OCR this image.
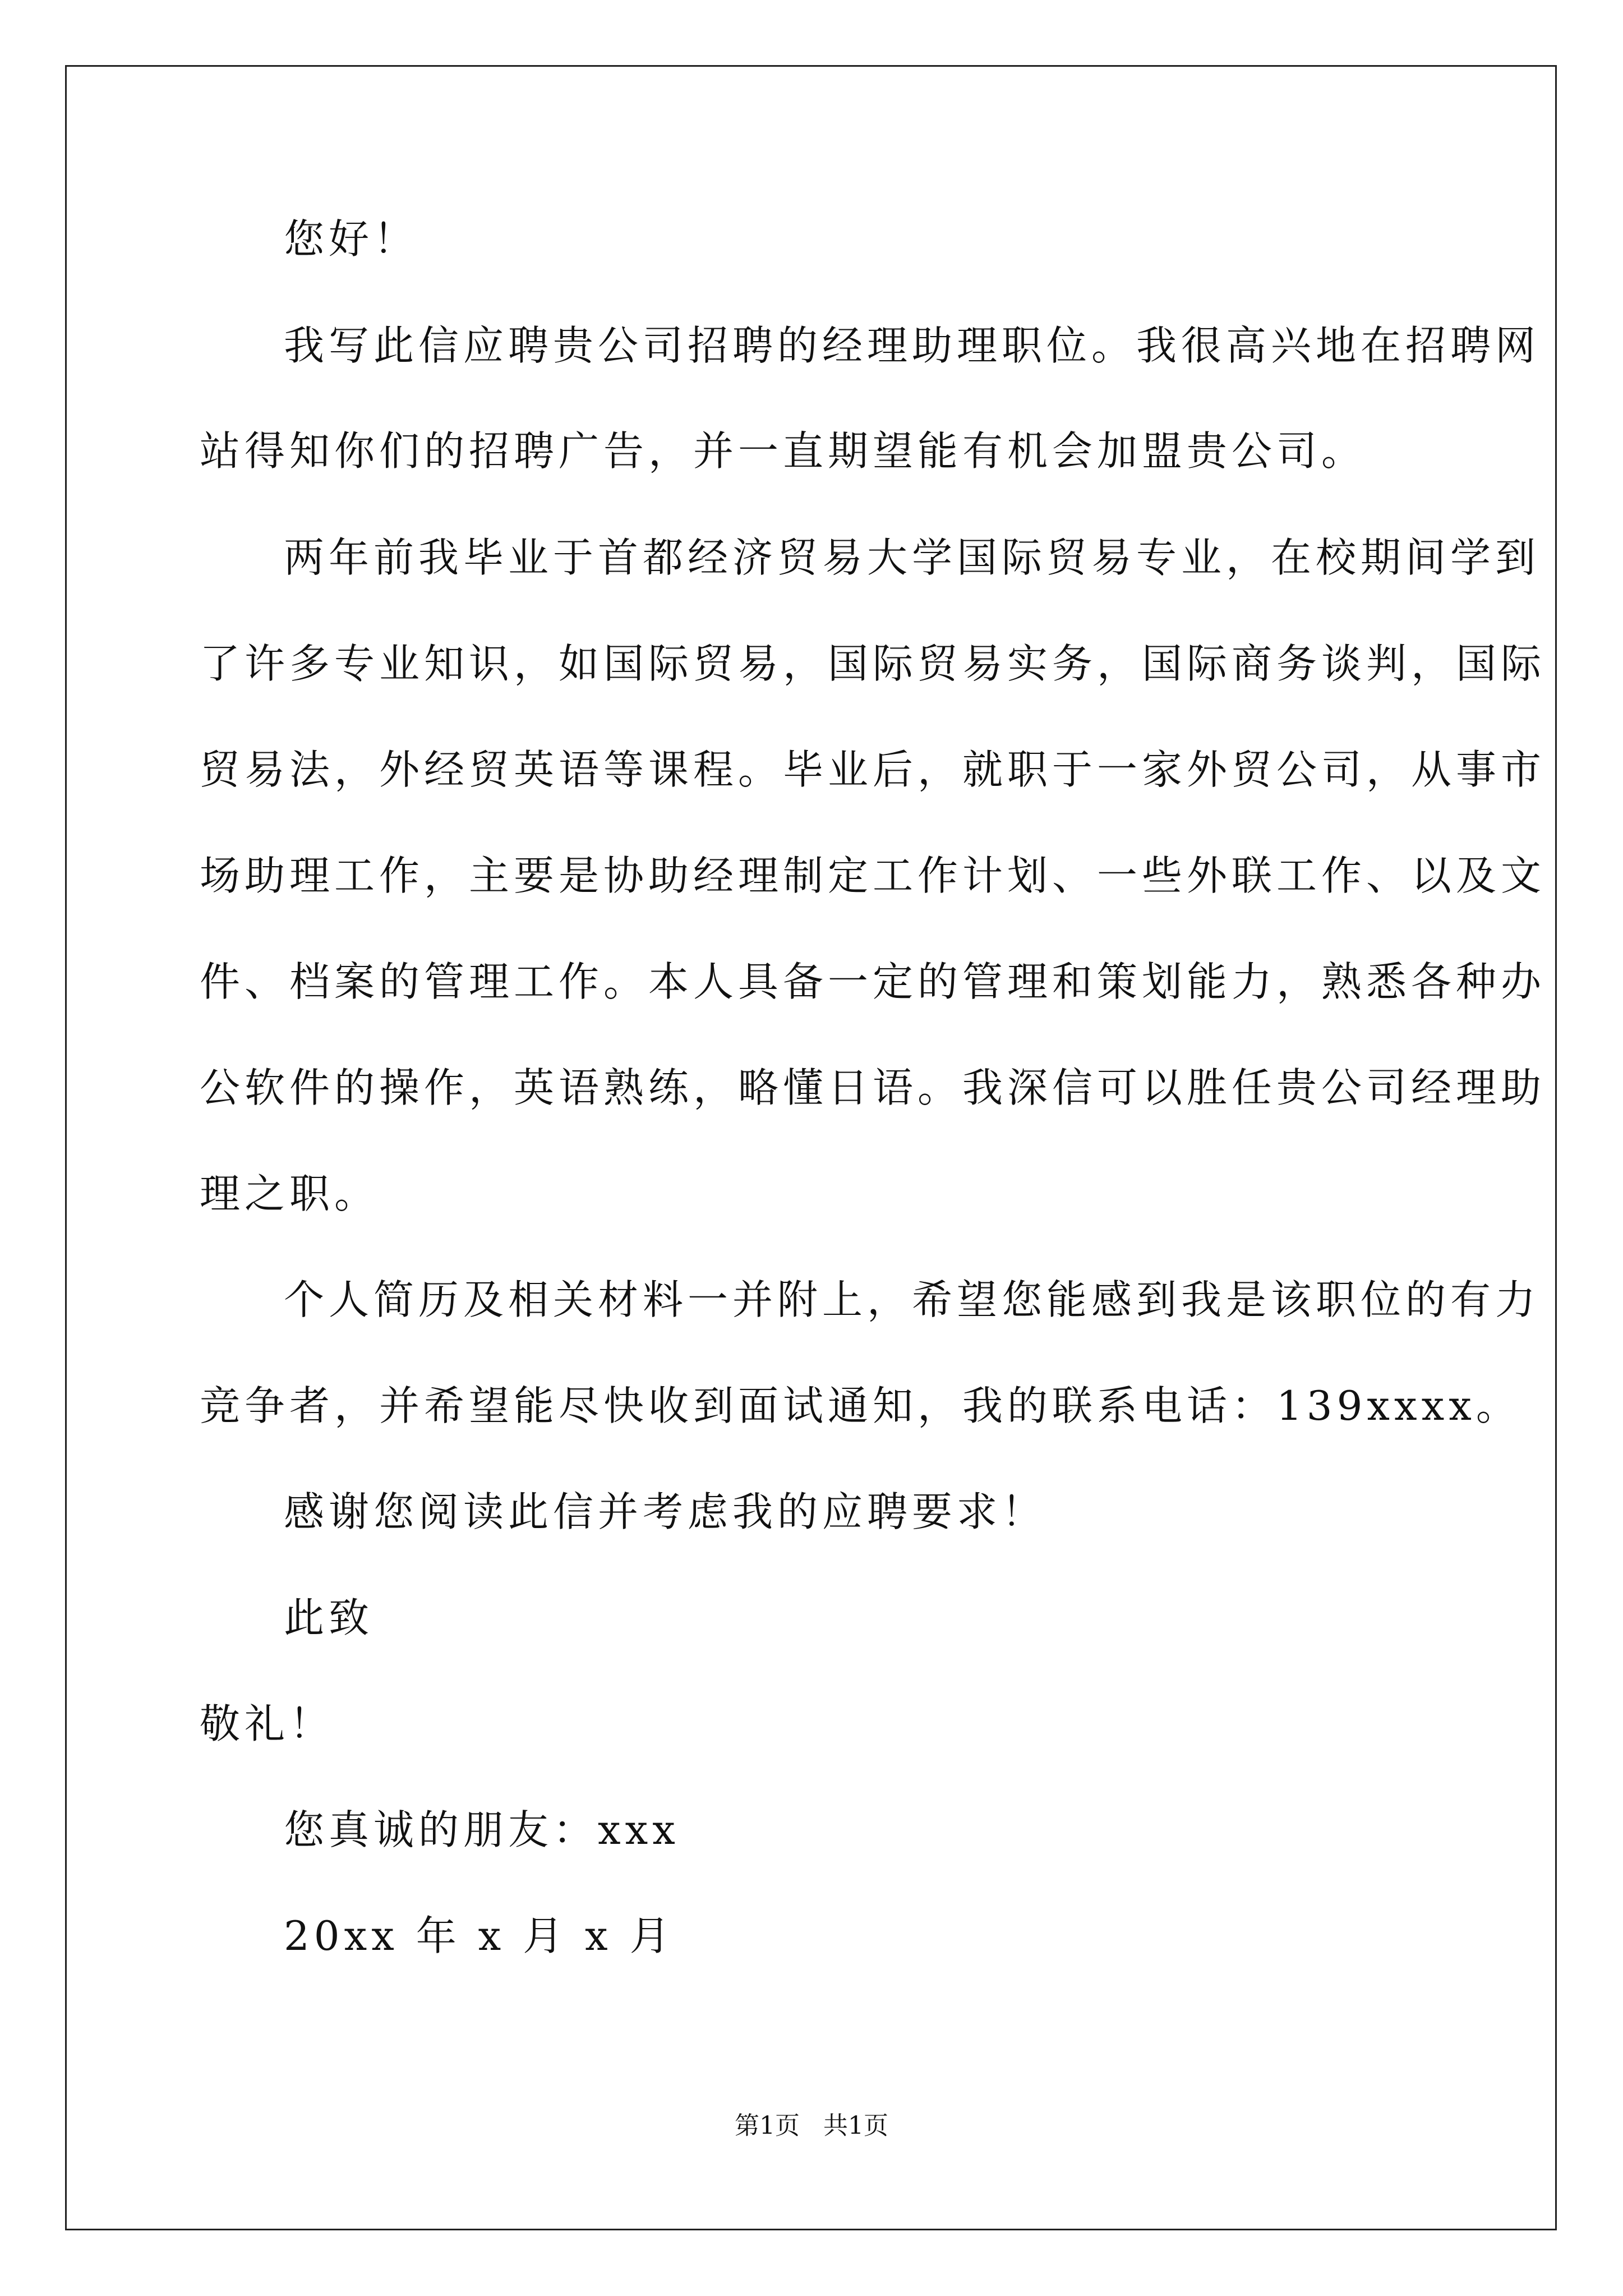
您好！
我写此信应聘贵公司招聘的经理助理职位。我很高兴地在招聘网
站得知你们的招聘广告，并一直期望能有机会加盟贵公司。
两年前我毕业于首都经济贸易大学国际贸易专业，在校期间学到
了许多专业知识，如国际贸易，国际贸易实务，国际商务谈判，国际
贸易法，外经贸英语等课程。毕业后，就职于一家外贸公司，从事市
场助理工作，主要是协助经理制定工作计划、一些外联工作、以及文
件、档案的管理工作。本人具备一定的管理和策划能力，熟悉各种办
公软件的操作，英语熟练，略懂日语。我深信可以胜任贵公司经理助
理之职。
个人简历及相关材料一并附上，希望您能感到我是该职位的有力
竞争者，并希望能尽快收到面试通知，我的联系电话：139xxxx。
感谢您阅读此信并考虑我的应聘要求！
此致
敬礼！
您真诚的朋友：xxx
20xx 年 x 月 x 月
第1页   共1页
